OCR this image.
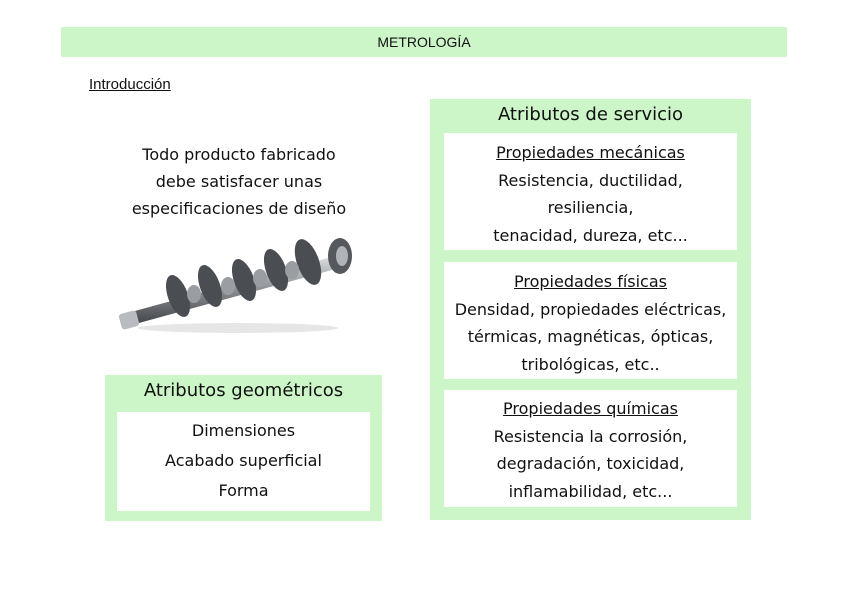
METROLOGÍA
Introducción
Todo producto fabricado
debe satisfacer unas
especificaciones de diseño
Atributos geométricos
Dimensiones
Acabado superficial
Forma
Atributos de servicio
Propiedades mecánicas
Resistencia, ductilidad,
resiliencia,
tenacidad, dureza, etc...
Propiedades físicas
Densidad, propiedades eléctricas,
térmicas, magnéticas, ópticas,
tribológicas, etc..
Propiedades químicas
Resistencia la corrosión,
degradación, toxicidad,
inflamabilidad, etc...
